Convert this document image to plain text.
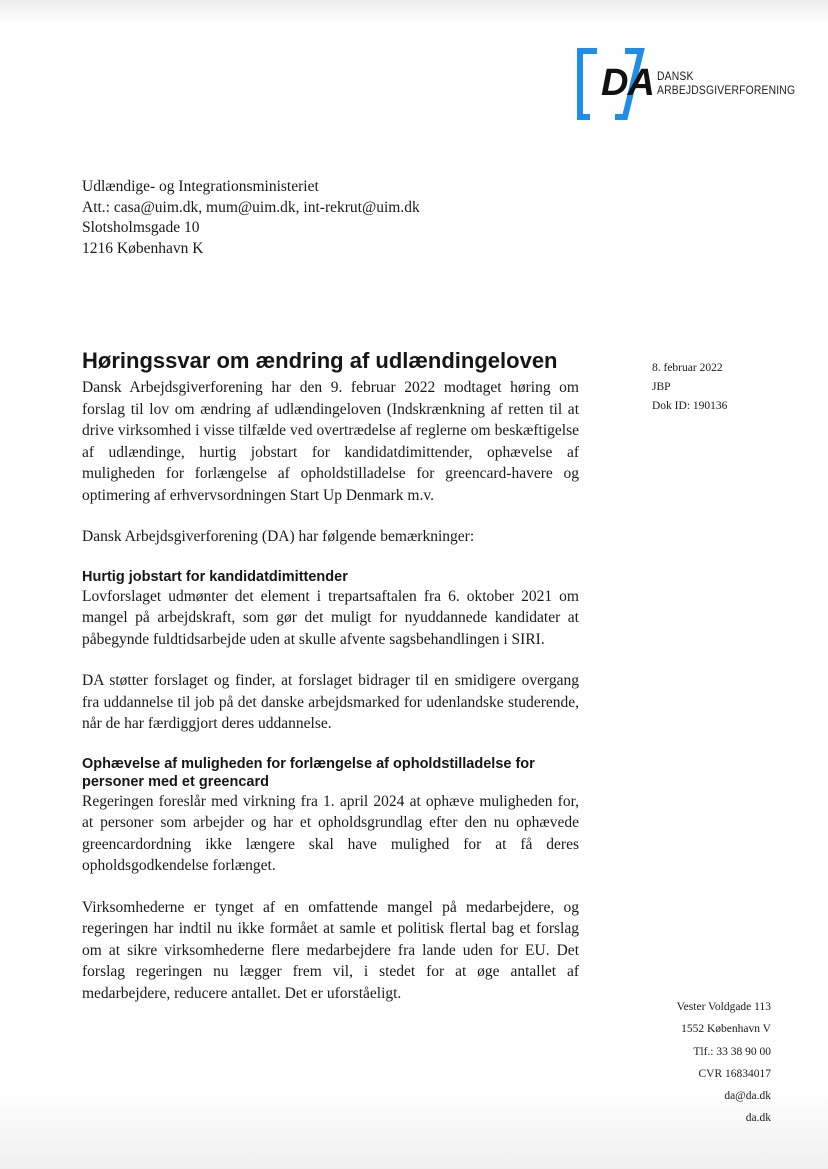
DA DANSK
ARBEJDSGIVERFORENING
Udlændige- og Integrationsministeriet
Att.: casa@uim.dk, mum@uim.dk, int-rekrut@uim.dk
Slotsholmsgade 10
1216 København K
8. februar 2022
JBP
Dok ID: 190136
Høringssvar om ændring af udlændingeloven

Dansk Arbejdsgiverforening har den 9. februar 2022 modtaget høring om forslag til lov om ændring af udlændingeloven (Indskrænkning af retten til at drive virksomhed i visse tilfælde ved overtrædelse af reglerne om beskæftigelse af udlændinge, hurtig jobstart for kandidatdimittender, ophævelse af muligheden for forlængelse af opholdstilladelse for greencard-havere og optimering af erhvervsordningen Start Up Denmark m.v.

Dansk Arbejdsgiverforening (DA) har følgende bemærkninger:

Hurtig jobstart for kandidatdimittender

Lovforslaget udmønter det element i trepartsaftalen fra 6. oktober 2021 om mangel på arbejdskraft, som gør det muligt for nyuddannede kandidater at påbegynde fuldtidsarbejde uden at skulle afvente sagsbehandlingen i SIRI.

DA støtter forslaget og finder, at forslaget bidrager til en smidigere overgang fra uddannelse til job på det danske arbejdsmarked for udenlandske studerende, når de har færdiggjort deres uddannelse.

Ophævelse af muligheden for forlængelse af opholdstilladelse for personer med et greencard

Regeringen foreslår med virkning fra 1. april 2024 at ophæve muligheden for, at personer som arbejder og har et opholdsgrundlag efter den nu ophævede greencardordning ikke længere skal have mulighed for at få deres opholdsgodkendelse forlænget.

Virksomhederne er tynget af en omfattende mangel på medarbejdere, og regeringen har indtil nu ikke formået at samle et politisk flertal bag et forslag om at sikre virksomhederne flere medarbejdere fra lande uden for EU. Det forslag regeringen nu lægger frem vil, i stedet for at øge antallet af medarbejdere, reducere antallet. Det er uforståeligt.

Vester Voldgade 113
1552 København V
Tlf.: 33 38 90 00
CVR 16834017
da@da.dk
da.dk
